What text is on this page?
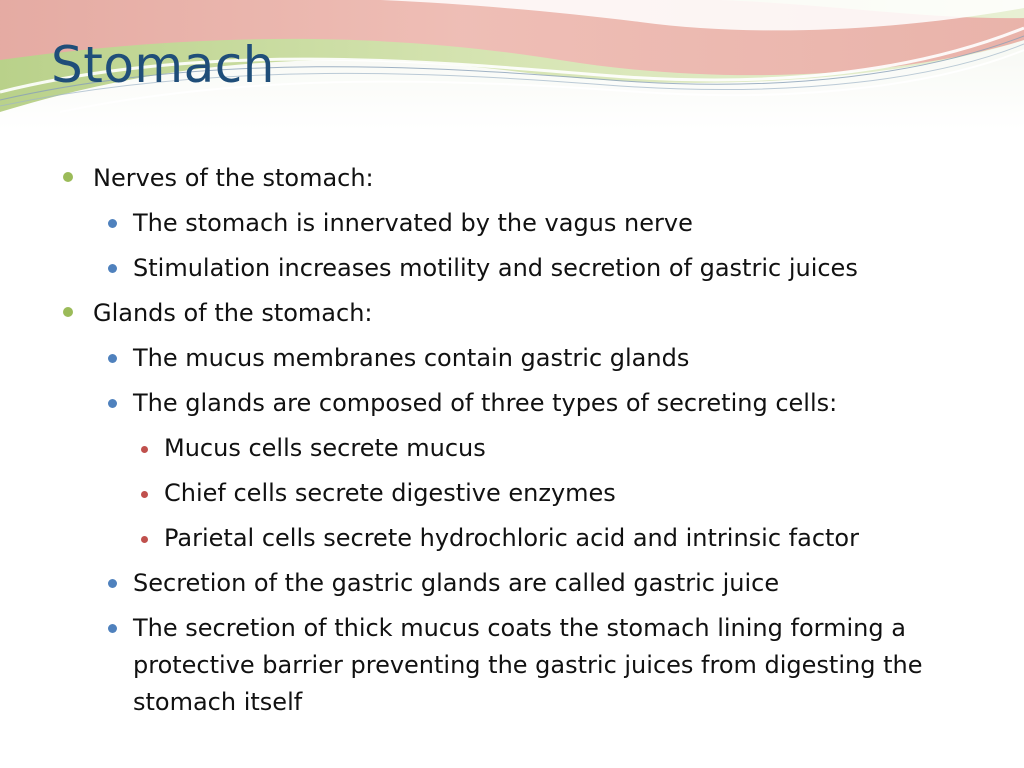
Stomach
Nerves of the stomach:
The stomach is innervated by the vagus nerve
Stimulation increases motility and secretion of gastric juices
Glands of the stomach:
The mucus membranes contain gastric glands
The glands are composed of three types of secreting cells:
Mucus cells secrete mucus
Chief cells secrete digestive enzymes
Parietal cells secrete hydrochloric acid and intrinsic factor
Secretion of the gastric glands are called gastric juice
The secretion of thick mucus coats the stomach lining forming a protective barrier preventing the gastric juices from digesting the stomach itself
